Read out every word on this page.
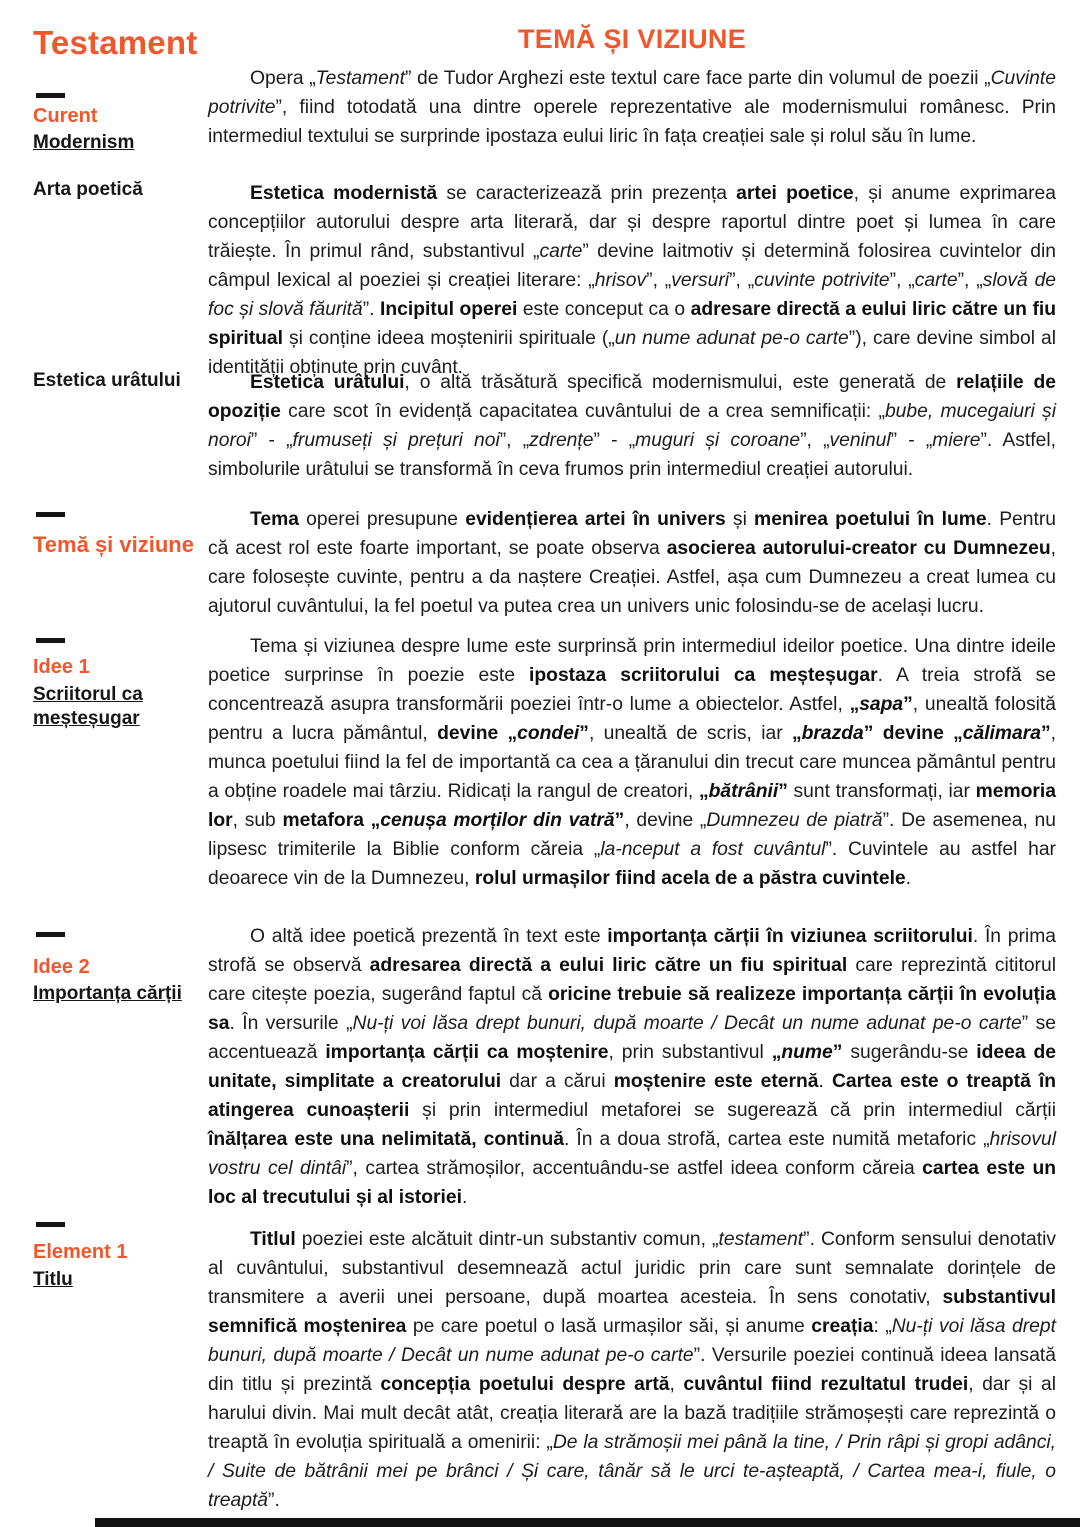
Testament
Curent
Modernism
Arta poetică
Estetica urâtului
Temă și viziune
Idee 1
Scriitorul ca meșteșugar
Idee 2
Importanța cărții
Element 1
Titlu
TEMĂ ȘI VIZIUNE
Opera „Testament” de Tudor Arghezi este textul care face parte din volumul de poezii „Cuvinte potrivite”, fiind totodată una dintre operele reprezentative ale modernismului românesc. Prin intermediul textului se surprinde ipostaza eului liric în fața creației sale și rolul său în lume.
Estetica modernistă se caracterizează prin prezența artei poetice, și anume exprimarea concepțiilor autorului despre arta literară, dar și despre raportul dintre poet și lumea în care trăiește. În primul rând, substantivul „carte” devine laitmotiv și determină folosirea cuvintelor din câmpul lexical al poeziei și creației literare: „hrisov”, „versuri”, „cuvinte potrivite”, „carte”, „slovă de foc și slovă făurită”. Incipitul operei este conceput ca o adresare directă a eului liric către un fiu spiritual și conține ideea moștenirii spirituale („un nume adunat pe-o carte”), care devine simbol al identității obținute prin cuvânt.
Estetica urâtului, o altă trăsătură specifică modernismului, este generată de relațiile de opoziție care scot în evidență capacitatea cuvântului de a crea semnificații: „bube, mucegaiuri și noroi” - „frumuseți și prețuri noi”, „zdrențe” - „muguri și coroane”, „veninul” - „miere”. Astfel, simbolurile urâtului se transformă în ceva frumos prin intermediul creației autorului.
Tema operei presupune evidențierea artei în univers și menirea poetului în lume. Pentru că acest rol este foarte important, se poate observa asocierea autorului-creator cu Dumnezeu, care folosește cuvinte, pentru a da naștere Creației. Astfel, așa cum Dumnezeu a creat lumea cu ajutorul cuvântului, la fel poetul va putea crea un univers unic folosindu-se de același lucru.
Tema și viziunea despre lume este surprinsă prin intermediul ideilor poetice. Una dintre ideile poetice surprinse în poezie este ipostaza scriitorului ca meșteșugar. A treia strofă se concentrează asupra transformării poeziei într-o lume a obiectelor. Astfel, „sapa”, unealtă folosită pentru a lucra pământul, devine „condei”, unealtă de scris, iar „brazda” devine „călimara”, munca poetului fiind la fel de importantă ca cea a țăranului din trecut care muncea pământul pentru a obține roadele mai târziu. Ridicați la rangul de creatori, „bătrânii” sunt transformați, iar memoria lor, sub metafora „cenușa morților din vatră”, devine „Dumnezeu de piatră”. De asemenea, nu lipsesc trimiterile la Biblie conform căreia „la-nceput a fost cuvântul”. Cuvintele au astfel har deoarece vin de la Dumnezeu, rolul urmașilor fiind acela de a păstra cuvintele.
O altă idee poetică prezentă în text este importanța cărții în viziunea scriitorului. În prima strofă se observă adresarea directă a eului liric către un fiu spiritual care reprezintă cititorul care citește poezia, sugerând faptul că oricine trebuie să realizeze importanța cărții în evoluția sa. În versurile „Nu-ți voi lăsa drept bunuri, după moarte / Decât un nume adunat pe-o carte” se accentuează importanța cărții ca moștenire, prin substantivul „nume” sugerându-se ideea de unitate, simplitate a creatorului dar a cărui moștenire este eternă. Cartea este o treaptă în atingerea cunoașterii și prin intermediul metaforei se sugerează că prin intermediul cărții înălțarea este una nelimitată, continuă. În a doua strofă, cartea este numită metaforic „hrisovul vostru cel dintâi”, cartea strămoșilor, accentuându-se astfel ideea conform căreia cartea este un loc al trecutului și al istoriei.
Titlul poeziei este alcătuit dintr-un substantiv comun, „testament”. Conform sensului denotativ al cuvântului, substantivul desemnează actul juridic prin care sunt semnalate dorințele de transmitere a averii unei persoane, după moartea acesteia. În sens conotativ, substantivul semnifică moștenirea pe care poetul o lasă urmașilor săi, și anume creația: „Nu-ți voi lăsa drept bunuri, după moarte / Decât un nume adunat pe-o carte”. Versurile poeziei continuă ideea lansată din titlu și prezintă concepția poetului despre artă, cuvântul fiind rezultatul trudei, dar și al harului divin. Mai mult decât atât, creația literară are la bază tradițiile strămoșești care reprezintă o treaptă în evoluția spirituală a omenirii: „De la strămoșii mei până la tine, / Prin râpi și gropi adânci, / Suite de bătrânii mei pe brânci / Și care, tânăr să le urci te-așteaptă, / Cartea mea-i, fiule, o treaptă”.
